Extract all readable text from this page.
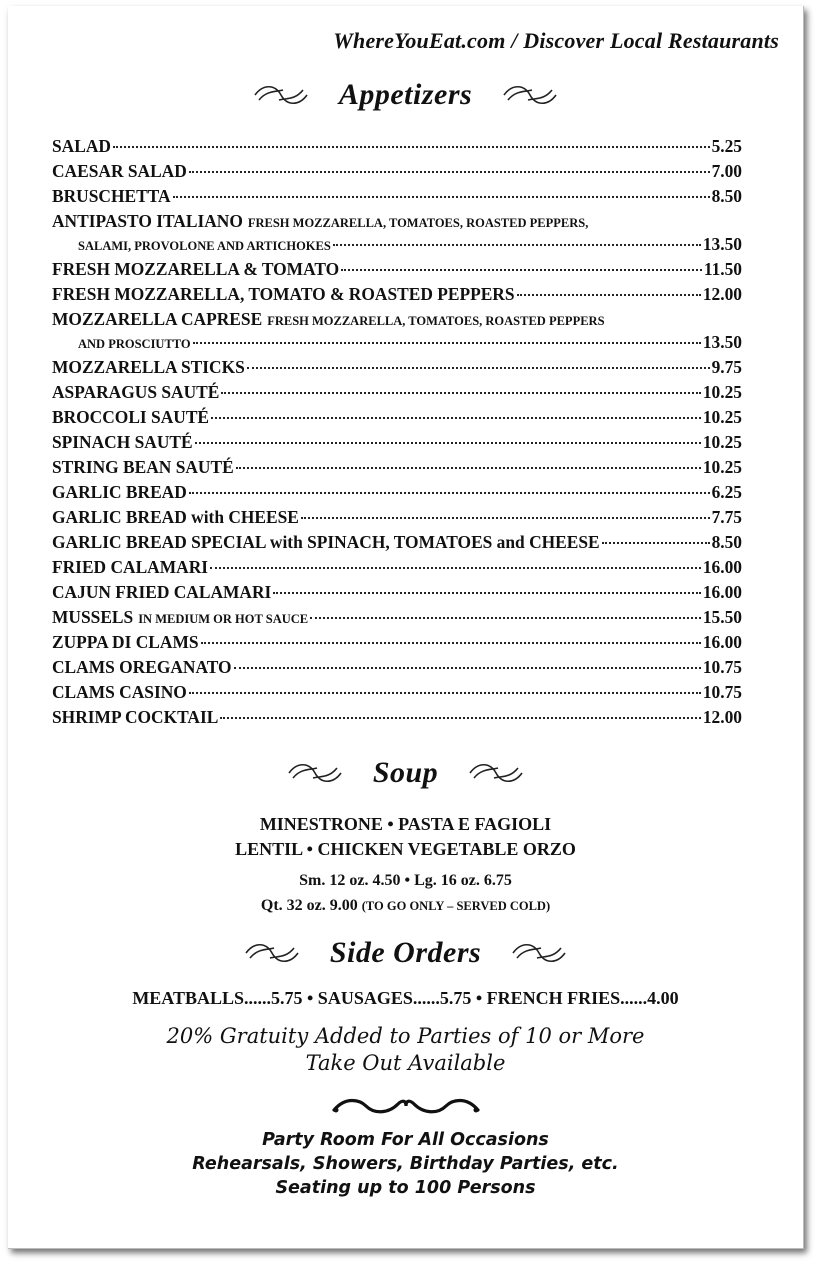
WhereYouEat.com / Discover Local Restaurants
Appetizers
SALAD	5.25
CAESAR SALAD	7.00
BRUSCHETTA	8.50
ANTIPASTO ITALIANO FRESH MOZZARELLA, TOMATOES, ROASTED PEPPERS,
SALAMI, PROVOLONE AND ARTICHOKES	13.50
FRESH MOZZARELLA & TOMATO	11.50
FRESH MOZZARELLA, TOMATO & ROASTED PEPPERS	12.00
MOZZARELLA CAPRESE FRESH MOZZARELLA, TOMATOES, ROASTED PEPPERS
AND PROSCIUTTO	13.50
MOZZARELLA STICKS	9.75
ASPARAGUS SAUTÉ	10.25
BROCCOLI SAUTÉ	10.25
SPINACH SAUTÉ	10.25
STRING BEAN SAUTÉ	10.25
GARLIC BREAD	6.25
GARLIC BREAD with CHEESE	7.75
GARLIC BREAD SPECIAL with SPINACH, TOMATOES and CHEESE	8.50
FRIED CALAMARI	16.00
CAJUN FRIED CALAMARI	16.00
MUSSELS IN MEDIUM OR HOT SAUCE	15.50
ZUPPA DI CLAMS	16.00
CLAMS OREGANATO	10.75
CLAMS CASINO	10.75
SHRIMP COCKTAIL	12.00
Soup
MINESTRONE • PASTA E FAGIOLI
LENTIL • CHICKEN VEGETABLE ORZO
Sm. 12 oz. 4.50 • Lg. 16 oz. 6.75
Qt. 32 oz. 9.00 (TO GO ONLY – SERVED COLD)
Side Orders
MEATBALLS......5.75 • SAUSAGES......5.75 • FRENCH FRIES......4.00
20% Gratuity Added to Parties of 10 or More
Take Out Available
Party Room For All Occasions
Rehearsals, Showers, Birthday Parties, etc.
Seating up to 100 Persons
